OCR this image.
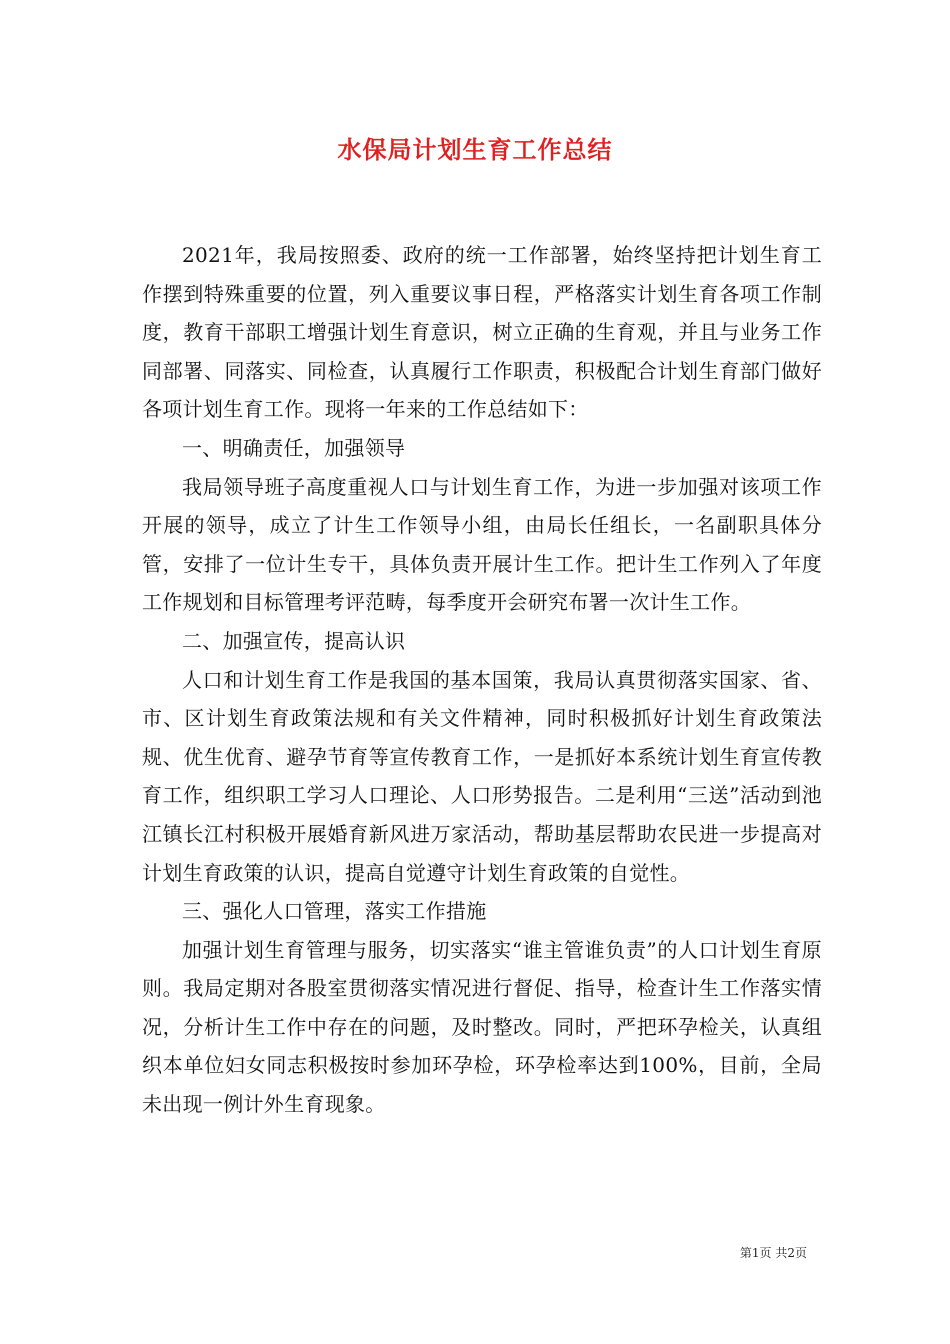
水保局计划生育工作总结

2021年，我局按照委、政府的统一工作部署，始终坚持把计划生育工作摆到特殊重要的位置，列入重要议事日程，严格落实计划生育各项工作制度，教育干部职工增强计划生育意识，树立正确的生育观，并且与业务工作同部署、同落实、同检查，认真履行工作职责，积极配合计划生育部门做好各项计划生育工作。现将一年来的工作总结如下：

一、明确责任，加强领导

我局领导班子高度重视人口与计划生育工作，为进一步加强对该项工作开展的领导，成立了计生工作领导小组，由局长任组长，一名副职具体分管，安排了一位计生专干，具体负责开展计生工作。把计生工作列入了年度工作规划和目标管理考评范畴，每季度开会研究布署一次计生工作。

二、加强宣传，提高认识

人口和计划生育工作是我国的基本国策，我局认真贯彻落实国家、省、市、区计划生育政策法规和有关文件精神，同时积极抓好计划生育政策法规、优生优育、避孕节育等宣传教育工作，一是抓好本系统计划生育宣传教育工作，组织职工学习人口理论、人口形势报告。二是利用“三送”活动到池江镇长江村积极开展婚育新风进万家活动，帮助基层帮助农民进一步提高对计划生育政策的认识，提高自觉遵守计划生育政策的自觉性。

三、强化人口管理，落实工作措施

加强计划生育管理与服务，切实落实“谁主管谁负责”的人口计划生育原则。我局定期对各股室贯彻落实情况进行督促、指导，检查计生工作落实情况，分析计生工作中存在的问题，及时整改。同时，严把环孕检关，认真组织本单位妇女同志积极按时参加环孕检，环孕检率达到100%，目前，全局未出现一例计外生育现象。

第1页 共2页
